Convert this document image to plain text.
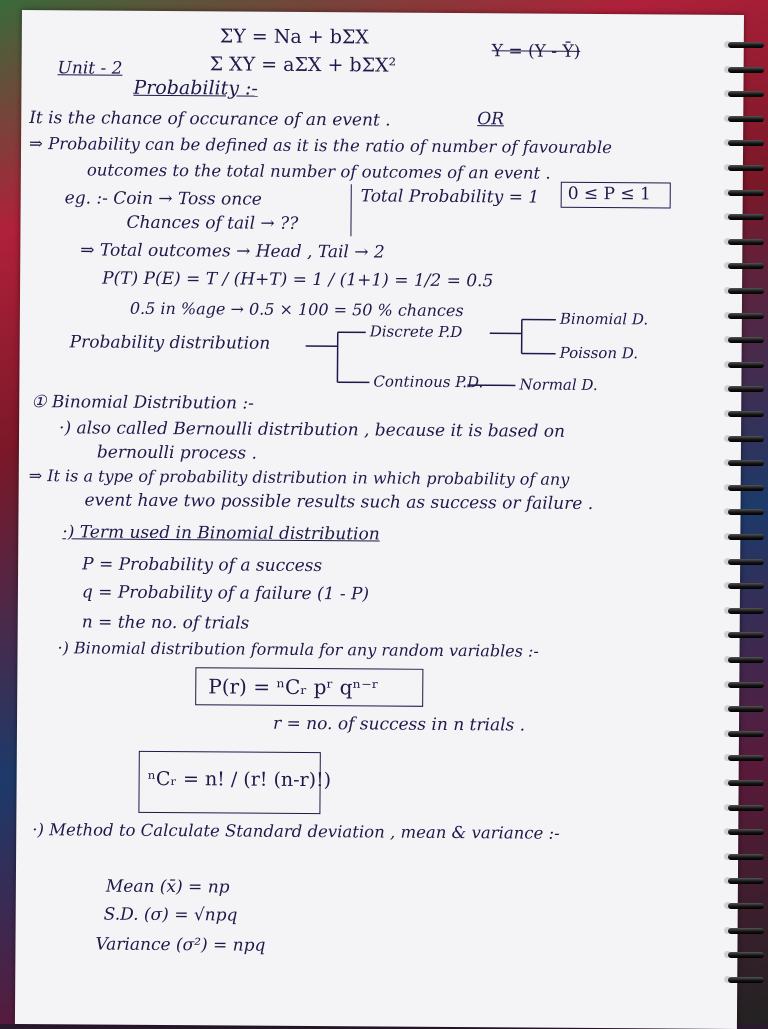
ΣY = Na + bΣX
Σ XY = aΣX + bΣX²
Y = (Y - Ȳ)
Unit - 2
Probability :-
It is the chance of occurance of an event .	OR
⇒ Probability can be defined as it is the ratio of number of favourable
outcomes to the total number of outcomes of an event .
eg. :- Coin → Toss once
Chances of tail → ??
Total Probability = 1 0 ≤ P ≤ 1
⇒ Total outcomes → Head , Tail → 2
P(T) P(E) = T / (H+T) = 1 / (1+1) = 1/2 = 0.5
0.5 in %age → 0.5 × 100 = 50 % chances
Probability distribution
Discrete P.D
Continous P.D.
Binomial D.
Poisson D.
Normal D.
① Binomial Distribution :-
·) also called Bernoulli distribution , because it is based on
bernoulli process .
⇒ It is a type of probability distribution in which probability of any
event have two possible results such as success or failure .
·) Term used in Binomial distribution
P = Probability of a success
q = Probability of a failure (1 - P)
n = the no. of trials
·) Binomial distribution formula for any random variables :-
P(r) = ⁿCᵣ pʳ qⁿ⁻ʳ
r = no. of success in n trials .
ⁿCᵣ = n! / (r! (n-r)!)
·) Method to Calculate Standard deviation , mean & variance :-
Mean (x̄) = np
S.D. (σ) = √npq
Variance (σ²) = npq
